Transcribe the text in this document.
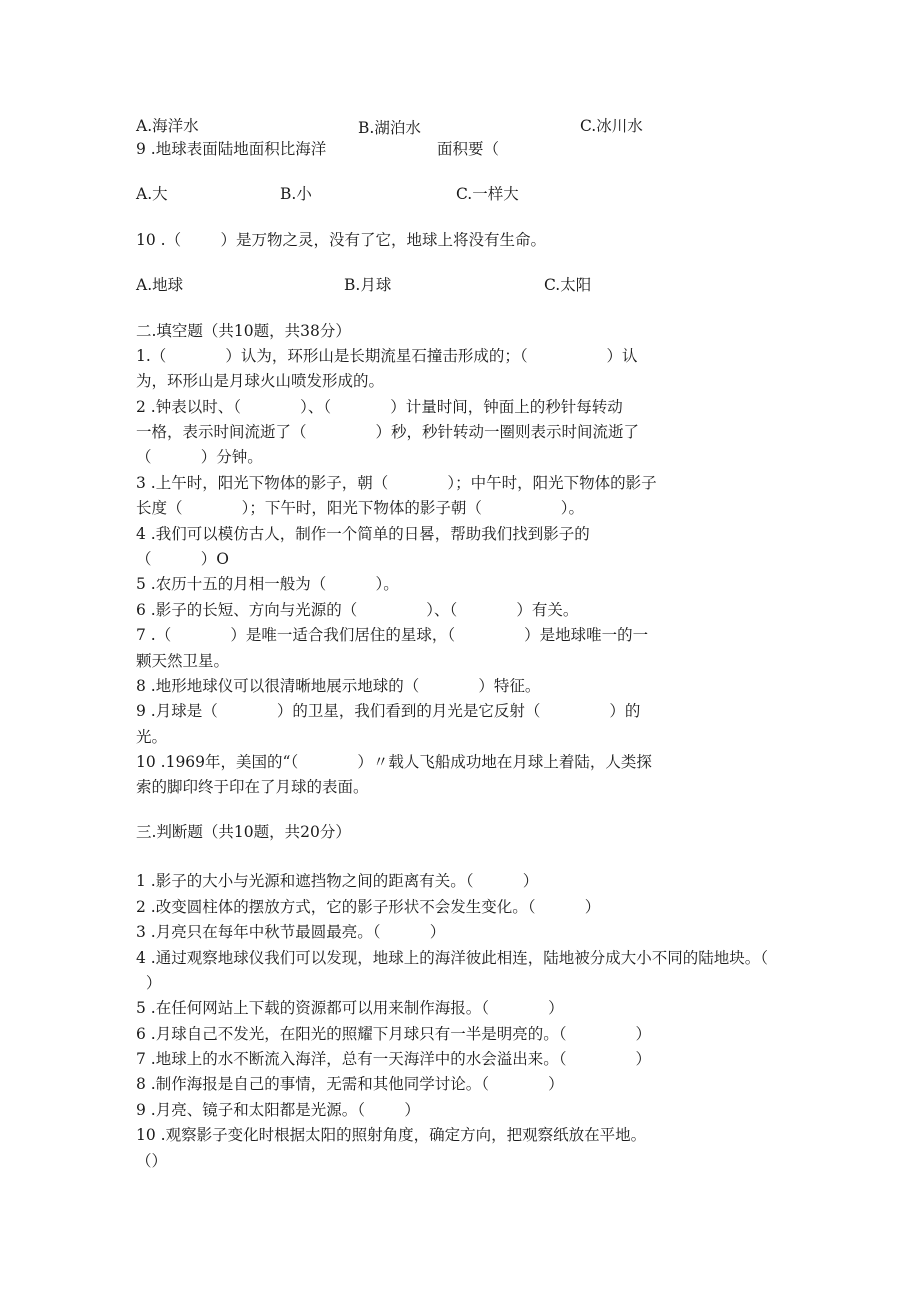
A.海洋水	B.湖泊水	C.冰川水
9 .地球表面陆地面积比海洋	面积要（
A.大	B.小	C.一样大
10 .（        ）是万物之灵，没有了它，地球上将没有生命。
A.地球	B.月球	C.太阳
二.填空题（共10题，共38分）
1.（            ）认为，环形山是长期流星石撞击形成的；（                ）认
为，环形山是月球火山喷发形成的。
2 .钟表以时、（            ）、（            ）计量时间，钟面上的秒针每转动
一格，表示时间流逝了（              ）秒，秒针转动一圈则表示时间流逝了
（          ）分钟。
3 .上午时，阳光下物体的影子，朝（            ）；中午时，阳光下物体的影子
长度（            ）；下午时，阳光下物体的影子朝（                ）。
4 .我们可以模仿古人，制作一个简单的日晷，帮助我们找到影子的
（          ）O
5 .农历十五的月相一般为（          ）。
6 .影子的长短、方向与光源的（              ）、（            ）有关。
7 .（            ）是唯一适合我们居住的星球，（              ）是地球唯一的一
颗天然卫星。
8 .地形地球仪可以很清晰地展示地球的（            ）特征。
9 .月球是（            ）的卫星，我们看到的月光是它反射（              ）的
光。
10 .1969年，美国的“（            ）〃载人飞船成功地在月球上着陆，人类探
索的脚印终于印在了月球的表面。
三.判断题（共10题，共20分）
1 .影子的大小与光源和遮挡物之间的距离有关。（          ）
2 .改变圆柱体的摆放方式，它的影子形状不会发生变化。（          ）
3 .月亮只在每年中秋节最圆最亮。（          ）
4 .通过观察地球仪我们可以发现，地球上的海洋彼此相连，陆地被分成大小不同的陆地块。（
）
5 .在任何网站上下载的资源都可以用来制作海报。（            ）
6 .月球自己不发光，在阳光的照耀下月球只有一半是明亮的。（              ）
7 .地球上的水不断流入海洋，总有一天海洋中的水会溢出来。（              ）
8 .制作海报是自己的事情，无需和其他同学讨论。（            ）
9 .月亮、镜子和太阳都是光源。（        ）
10 .观察影子变化时根据太阳的照射角度，确定方向，把观察纸放在平地。
（）
